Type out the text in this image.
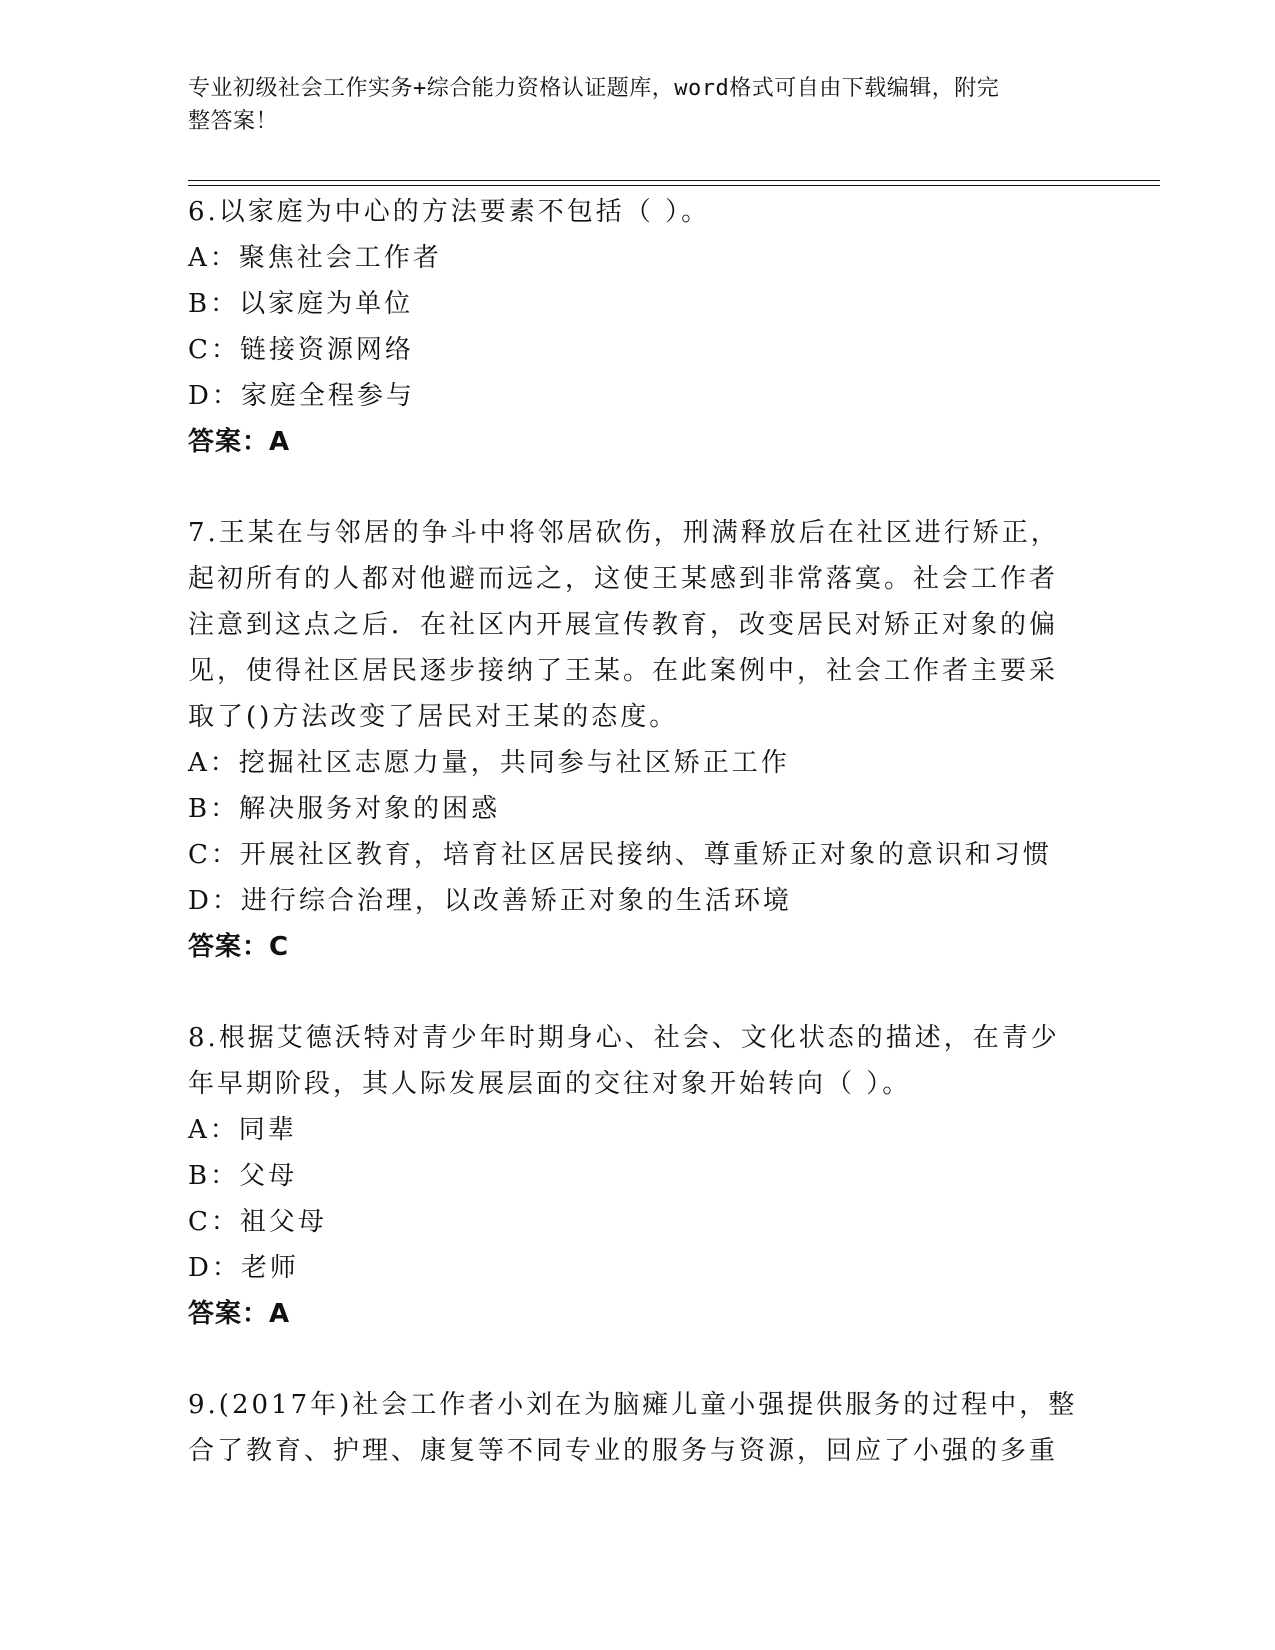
专业初级社会工作实务+综合能力资格认证题库，word格式可自由下载编辑，附完
整答案！
6.以家庭为中心的方法要素不包括（ ）。
A：聚焦社会工作者
B：以家庭为单位
C：链接资源网络
D：家庭全程参与
答案：A
7.王某在与邻居的争斗中将邻居砍伤，刑满释放后在社区进行矫正，
起初所有的人都对他避而远之，这使王某感到非常落寞。社会工作者
注意到这点之后．在社区内开展宣传教育，改变居民对矫正对象的偏
见，使得社区居民逐步接纳了王某。在此案例中，社会工作者主要采
取了()方法改变了居民对王某的态度。
A：挖掘社区志愿力量，共同参与社区矫正工作
B：解决服务对象的困惑
C：开展社区教育，培育社区居民接纳、尊重矫正对象的意识和习惯
D：进行综合治理，以改善矫正对象的生活环境
答案：C
8.根据艾德沃特对青少年时期身心、社会、文化状态的描述，在青少
年早期阶段，其人际发展层面的交往对象开始转向（ ）。
A：同辈
B：父母
C：祖父母
D：老师
答案：A
9.(2017年)社会工作者小刘在为脑瘫儿童小强提供服务的过程中，整
合了教育、护理、康复等不同专业的服务与资源，回应了小强的多重
